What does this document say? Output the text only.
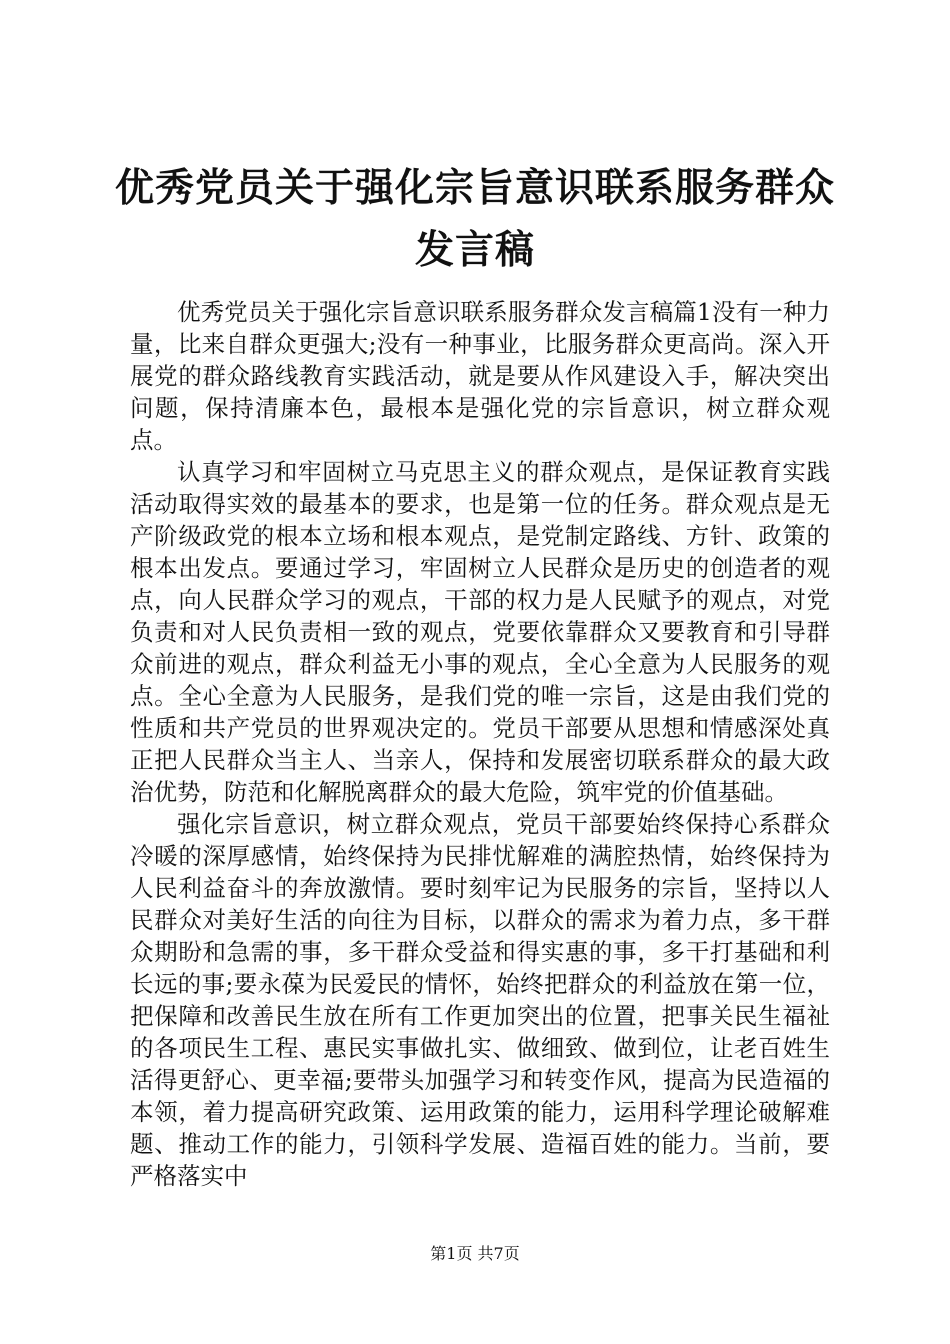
优秀党员关于强化宗旨意识联系服务群众发言稿

优秀党员关于强化宗旨意识联系服务群众发言稿篇1没有一种力量，比来自群众更强大;没有一种事业，比服务群众更高尚。深入开展党的群众路线教育实践活动，就是要从作风建设入手，解决突出问题，保持清廉本色，最根本是强化党的宗旨意识，树立群众观点。

认真学习和牢固树立马克思主义的群众观点，是保证教育实践活动取得实效的最基本的要求，也是第一位的任务。群众观点是无产阶级政党的根本立场和根本观点，是党制定路线、方针、政策的根本出发点。要通过学习，牢固树立人民群众是历史的创造者的观点，向人民群众学习的观点，干部的权力是人民赋予的观点，对党负责和对人民负责相一致的观点，党要依靠群众又要教育和引导群众前进的观点，群众利益无小事的观点，全心全意为人民服务的观点。全心全意为人民服务，是我们党的唯一宗旨，这是由我们党的性质和共产党员的世界观决定的。党员干部要从思想和情感深处真正把人民群众当主人、当亲人，保持和发展密切联系群众的最大政治优势，防范和化解脱离群众的最大危险，筑牢党的价值基础。

强化宗旨意识，树立群众观点，党员干部要始终保持心系群众冷暖的深厚感情，始终保持为民排忧解难的满腔热情，始终保持为人民利益奋斗的奔放激情。要时刻牢记为民服务的宗旨，坚持以人民群众对美好生活的向往为目标，以群众的需求为着力点，多干群众期盼和急需的事，多干群众受益和得实惠的事，多干打基础和利长远的事;要永葆为民爱民的情怀，始终把群众的利益放在第一位，把保障和改善民生放在所有工作更加突出的位置，把事关民生福祉的各项民生工程、惠民实事做扎实、做细致、做到位，让老百姓生活得更舒心、更幸福;要带头加强学习和转变作风，提高为民造福的本领，着力提高研究政策、运用政策的能力，运用科学理论破解难题、推动工作的能力，引领科学发展、造福百姓的能力。当前，要严格落实中

第1页 共7页
